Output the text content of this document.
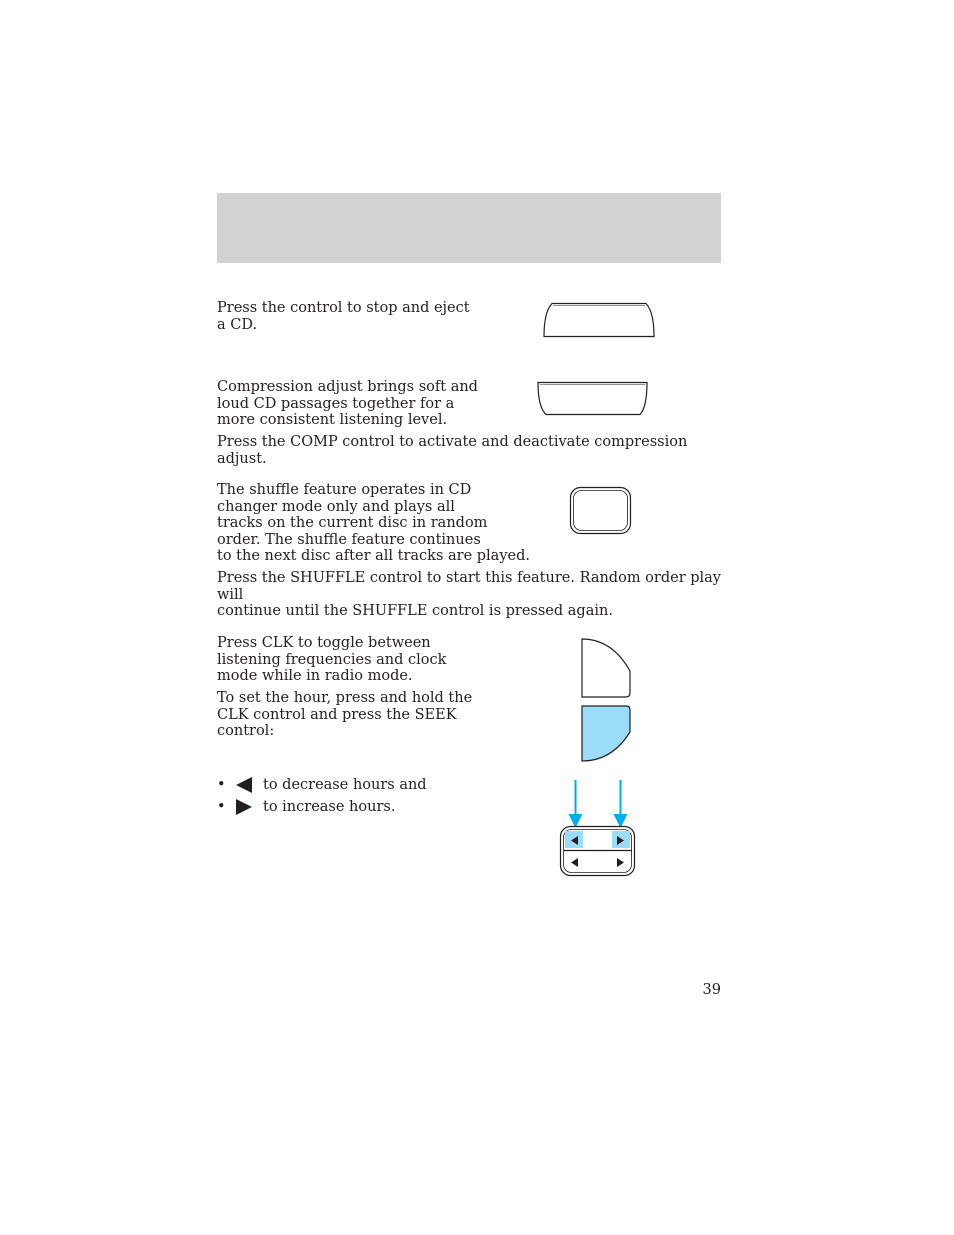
Press the control to stop and eject
a CD.

Compression adjust brings soft and
loud CD passages together for a
more consistent listening level.

Press the COMP control to activate and deactivate compression adjust.

The shuffle feature operates in CD
changer mode only and plays all
tracks on the current disc in random
order. The shuffle feature continues
to the next disc after all tracks are played.

Press the SHUFFLE control to start this feature. Random order play will
continue until the SHUFFLE control is pressed again.

Press CLK to toggle between
listening frequencies and clock
mode while in radio mode.

To set the hour, press and hold the
CLK control and press the SEEK
control:

•	to decrease hours and
•	to increase hours.

39
